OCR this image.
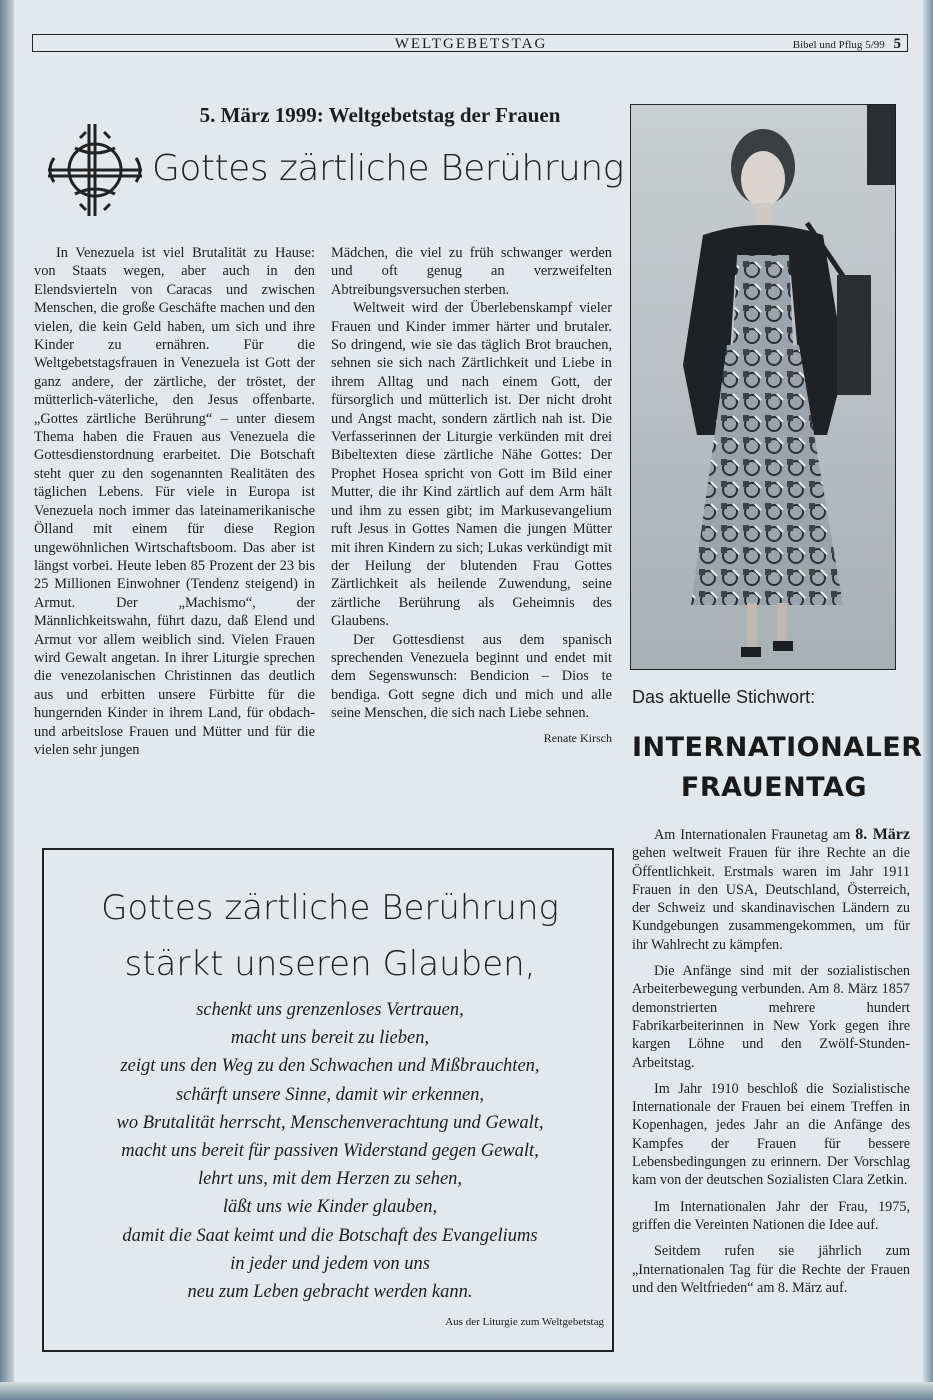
WELTGEBETSTAG	Bibel und Pflug 5/99 5
5. März 1999: Weltgebetstag der Frauen
Gottes zärtliche Berührung

In Venezuela ist viel Brutalität zu Hause: von Staats wegen, aber auch in den Elendsvierteln von Caracas und zwischen Menschen, die große Geschäfte machen und den vielen, die kein Geld haben, um sich und ihre Kinder zu ernähren. Für die Weltgebetstagsfrauen in Venezuela ist Gott der ganz andere, der zärtliche, der tröstet, der mütterlich-väterliche, den Jesus offenbarte. „Gottes zärtliche Berührung“ – unter diesem Thema haben die Frauen aus Venezuela die Gottesdienstordnung erarbeitet. Die Botschaft steht quer zu den sogenannten Realitäten des täglichen Lebens. Für viele in Europa ist Venezuela noch immer das lateinamerikanische Ölland mit einem für diese Region ungewöhnlichen Wirtschaftsboom. Das aber ist längst vorbei. Heute leben 85 Prozent der 23 bis 25 Millionen Einwohner (Tendenz steigend) in Armut. Der „Machismo“, der Männlichkeitswahn, führt dazu, daß Elend und Armut vor allem weiblich sind. Vielen Frauen wird Gewalt angetan. In ihrer Liturgie sprechen die venezolanischen Christinnen das deutlich aus und erbitten unsere Fürbitte für die hungernden Kinder in ihrem Land, für obdach- und arbeitslose Frauen und Mütter und für die vielen sehr jungen

Mädchen, die viel zu früh schwanger werden und oft genug an verzweifelten Abtreibungsversuchen sterben.

Weltweit wird der Überlebenskampf vieler Frauen und Kinder immer härter und brutaler. So dringend, wie sie das täglich Brot brauchen, sehnen sie sich nach Zärtlichkeit und Liebe in ihrem Alltag und nach einem Gott, der fürsorglich und mütterlich ist. Der nicht droht und Angst macht, sondern zärtlich nah ist. Die Verfasserinnen der Liturgie verkünden mit drei Bibeltexten diese zärtliche Nähe Gottes: Der Prophet Hosea spricht von Gott im Bild einer Mutter, die ihr Kind zärtlich auf dem Arm hält und ihm zu essen gibt; im Markusevangelium ruft Jesus in Gottes Namen die jungen Mütter mit ihren Kindern zu sich; Lukas verkündigt mit der Heilung der blutenden Frau Gottes Zärtlichkeit als heilende Zuwendung, seine zärtliche Berührung als Geheimnis des Glaubens.

Der Gottesdienst aus dem spanisch sprechenden Venezuela beginnt und endet mit dem Segenswunsch: Bendicion – Dios te bendiga. Gott segne dich und mich und alle seine Menschen, die sich nach Liebe sehnen.

Renate Kirsch
Das aktuelle Stichwort:
INTERNATIONALER
FRAUENTAG

Am Internationalen Fraunetag am 8. März gehen weltweit Frauen für ihre Rechte an die Öffentlichkeit. Erstmals waren im Jahr 1911 Frauen in den USA, Deutschland, Österreich, der Schweiz und skandinavischen Ländern zu Kundgebungen zusammengekommen, um für ihr Wahlrecht zu kämpfen.

Die Anfänge sind mit der sozialistischen Arbeiterbewegung verbunden. Am 8. März 1857 demonstrierten mehrere hundert Fabrikarbeiterinnen in New York gegen ihre kargen Löhne und den Zwölf-Stunden-Arbeitstag.

Im Jahr 1910 beschloß die Sozialistische Internationale der Frauen bei einem Treffen in Kopenhagen, jedes Jahr an die Anfänge des Kampfes der Frauen für bessere Lebensbedingungen zu erinnern. Der Vorschlag kam von der deutschen Sozialisten Clara Zetkin.

Im Internationalen Jahr der Frau, 1975, griffen die Vereinten Nationen die Idee auf.

Seitdem rufen sie jährlich zum „Internationalen Tag für die Rechte der Frauen und den Weltfrieden“ am 8. März auf.

Gottes zärtliche Berührung
stärkt unseren Glauben,
schenkt uns grenzenloses Vertrauen,
macht uns bereit zu lieben,
zeigt uns den Weg zu den Schwachen und Mißbrauchten,
schärft unsere Sinne, damit wir erkennen,
wo Brutalität herrscht, Menschenverachtung und Gewalt,
macht uns bereit für passiven Widerstand gegen Gewalt,
lehrt uns, mit dem Herzen zu sehen,
läßt uns wie Kinder glauben,
damit die Saat keimt und die Botschaft des Evangeliums
in jeder und jedem von uns
neu zum Leben gebracht werden kann.
Aus der Liturgie zum Weltgebetstag
